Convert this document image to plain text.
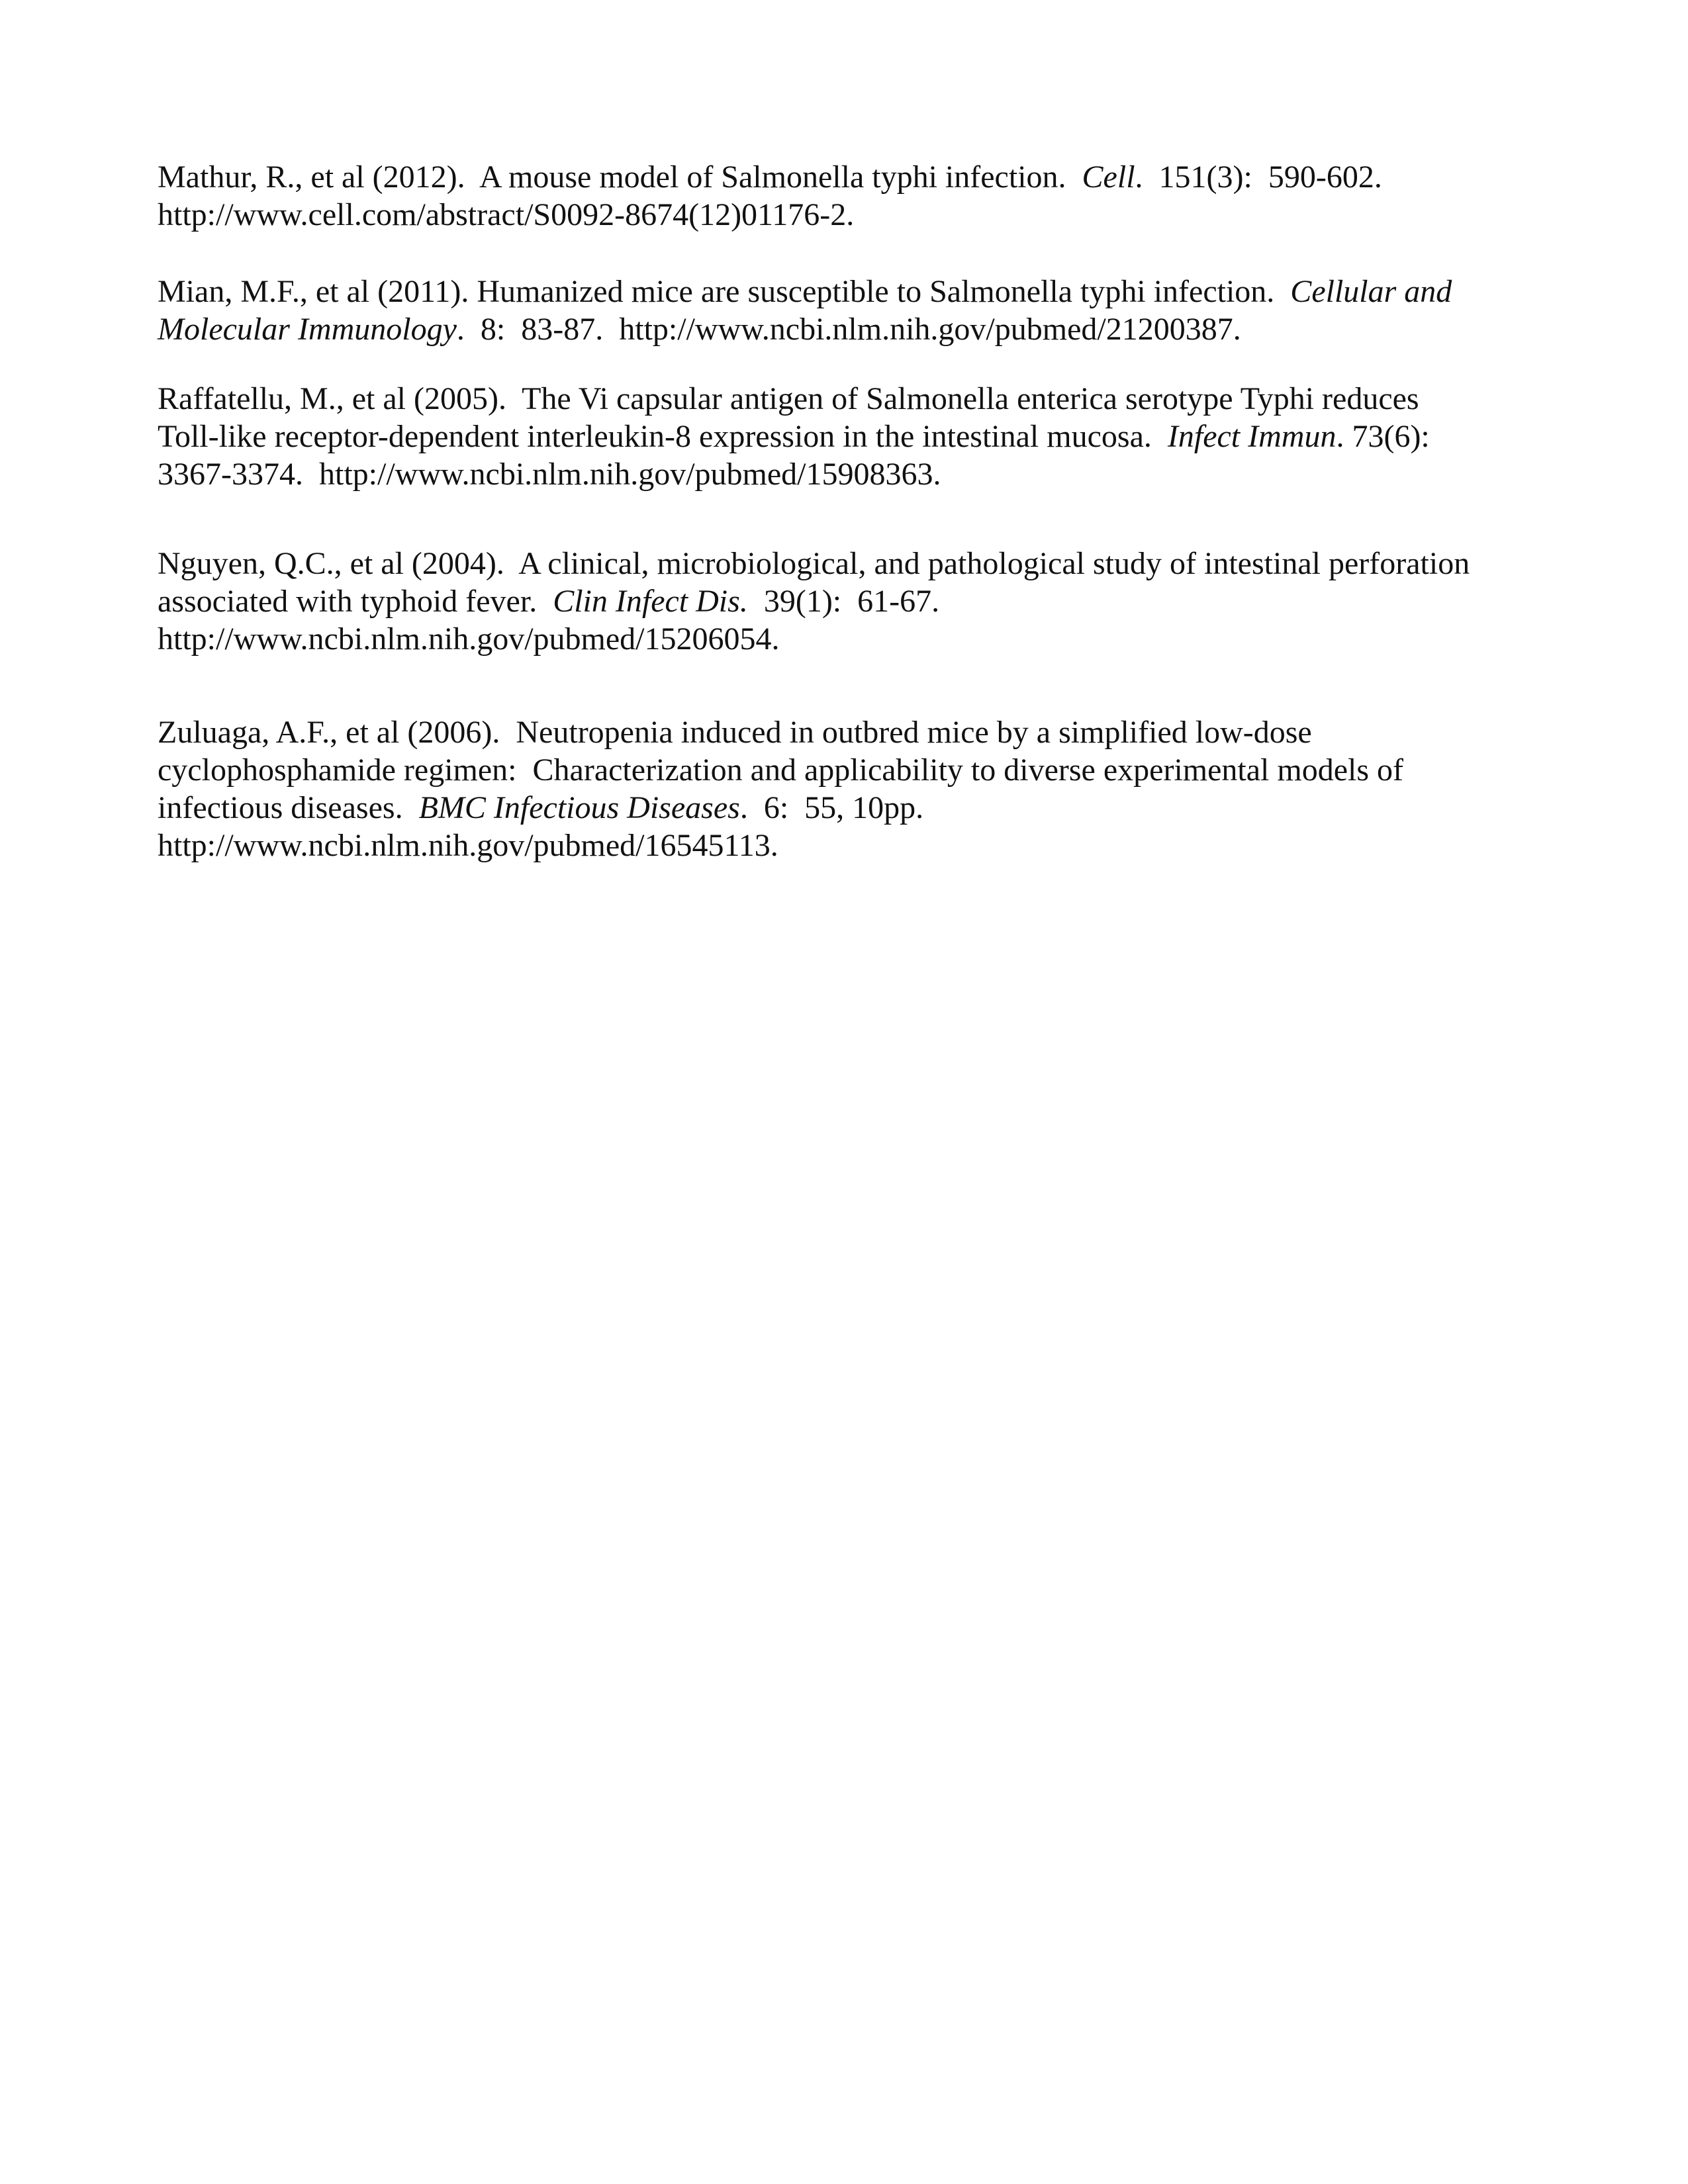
Mathur, R., et al (2012).  A mouse model of Salmonella typhi infection.  Cell.  151(3):  590-602.
http://www.cell.com/abstract/S0092-8674(12)01176-2.

Mian, M.F., et al (2011). Humanized mice are susceptible to Salmonella typhi infection.  Cellular and
Molecular Immunology.  8:  83-87.  http://www.ncbi.nlm.nih.gov/pubmed/21200387.

Raffatellu, M., et al (2005).  The Vi capsular antigen of Salmonella enterica serotype Typhi reduces
Toll-like receptor-dependent interleukin-8 expression in the intestinal mucosa.  Infect Immun. 73(6):
3367-3374.  http://www.ncbi.nlm.nih.gov/pubmed/15908363.

Nguyen, Q.C., et al (2004).  A clinical, microbiological, and pathological study of intestinal perforation
associated with typhoid fever.  Clin Infect Dis.  39(1):  61-67.
http://www.ncbi.nlm.nih.gov/pubmed/15206054.

Zuluaga, A.F., et al (2006).  Neutropenia induced in outbred mice by a simplified low-dose
cyclophosphamide regimen:  Characterization and applicability to diverse experimental models of
infectious diseases.  BMC Infectious Diseases.  6:  55, 10pp.
http://www.ncbi.nlm.nih.gov/pubmed/16545113.
